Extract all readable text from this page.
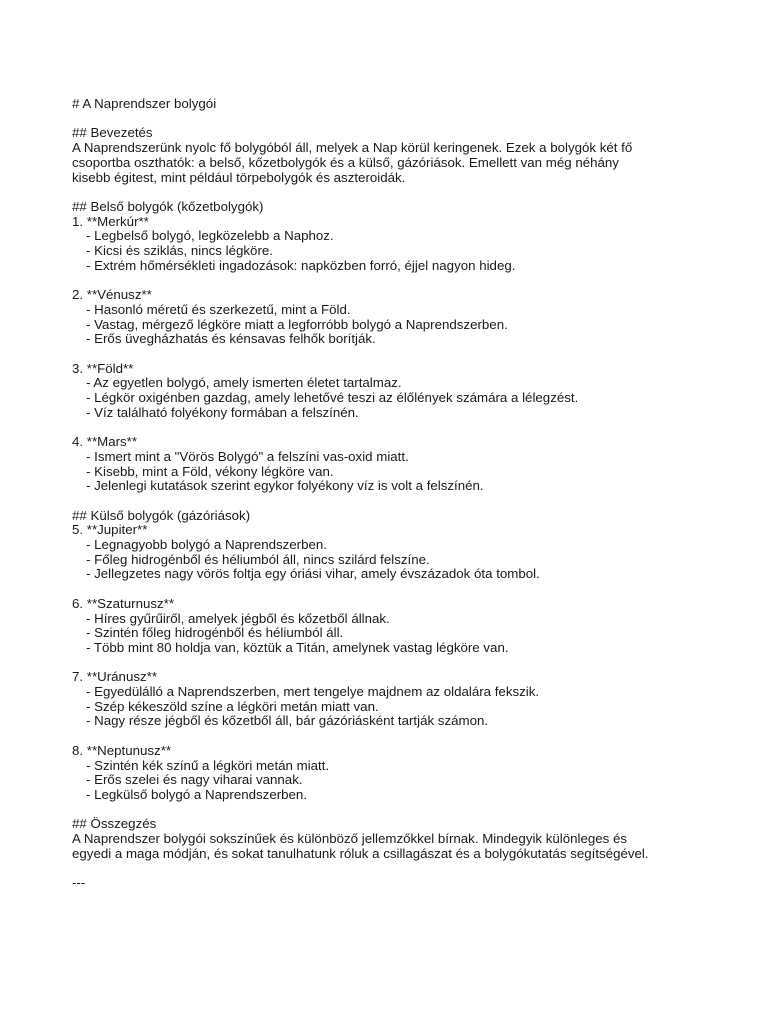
# A Naprendszer bolygói
## Bevezetés
A Naprendszerünk nyolc fő bolygóból áll, melyek a Nap körül keringenek. Ezek a bolygók két fő
csoportba oszthatók: a belső, kőzetbolygók és a külső, gázóriások. Emellett van még néhány
kisebb égitest, mint például törpebolygók és aszteroidák.
## Belső bolygók (kőzetbolygók)
1. **Merkúr**
- Legbelső bolygó, legközelebb a Naphoz.
- Kicsi és sziklás, nincs légköre.
- Extrém hőmérsékleti ingadozások: napközben forró, éjjel nagyon hideg.
2. **Vénusz**
- Hasonló méretű és szerkezetű, mint a Föld.
- Vastag, mérgező légköre miatt a legforróbb bolygó a Naprendszerben.
- Erős üvegházhatás és kénsavas felhők borítják.
3. **Föld**
- Az egyetlen bolygó, amely ismerten életet tartalmaz.
- Légkör oxigénben gazdag, amely lehetővé teszi az élőlények számára a lélegzést.
- Víz található folyékony formában a felszínén.
4. **Mars**
- Ismert mint a "Vörös Bolygó" a felszíni vas-oxid miatt.
- Kisebb, mint a Föld, vékony légköre van.
- Jelenlegi kutatások szerint egykor folyékony víz is volt a felszínén.
## Külső bolygók (gázóriások)
5. **Jupiter**
- Legnagyobb bolygó a Naprendszerben.
- Főleg hidrogénből és héliumból áll, nincs szilárd felszíne.
- Jellegzetes nagy vörös foltja egy óriási vihar, amely évszázadok óta tombol.
6. **Szaturnusz**
- Híres gyűrűiről, amelyek jégből és kőzetből állnak.
- Szintén főleg hidrogénből és héliumból áll.
- Több mint 80 holdja van, köztük a Titán, amelynek vastag légköre van.
7. **Uránusz**
- Egyedülálló a Naprendszerben, mert tengelye majdnem az oldalára fekszik.
- Szép kékeszöld színe a légköri metán miatt van.
- Nagy része jégből és kőzetből áll, bár gázóriásként tartják számon.
8. **Neptunusz**
- Szintén kék színű a légköri metán miatt.
- Erős szelei és nagy viharai vannak.
- Legkülső bolygó a Naprendszerben.
## Összegzés
A Naprendszer bolygói sokszínűek és különböző jellemzőkkel bírnak. Mindegyik különleges és
egyedi a maga módján, és sokat tanulhatunk róluk a csillagászat és a bolygókutatás segítségével.
---
